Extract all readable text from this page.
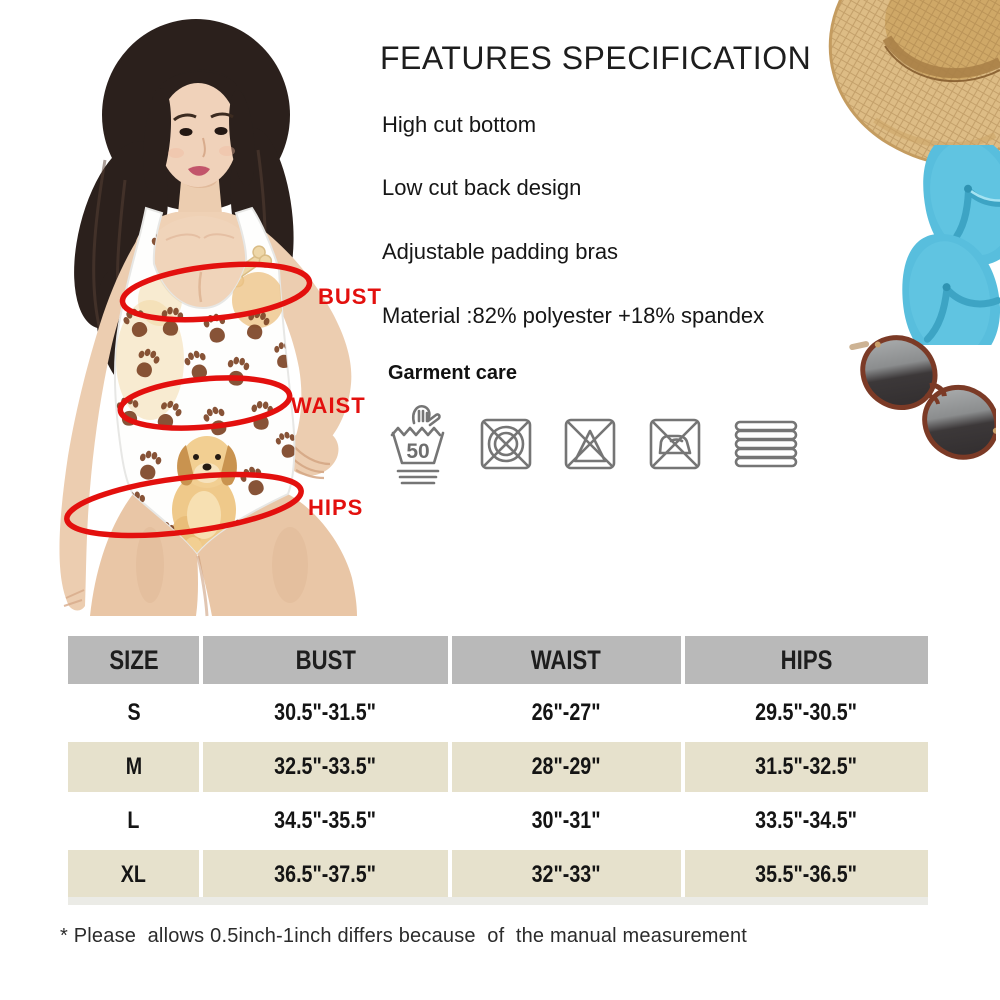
BUST
WAIST
HIPS
FEATURES SPECIFICATION
High cut bottom
Low cut back design
Adjustable padding bras
Material :82% polyester +18% spandex
Garment care
50
SIZE	BUST	WAIST	HIPS
S	30.5"-31.5"	26"-27"	29.5"-30.5"
M	32.5"-33.5"	28"-29"	31.5"-32.5"
L	34.5"-35.5"	30"-31"	33.5"-34.5"
XL	36.5"-37.5"	32"-33"	35.5"-36.5"
* Please  allows 0.5inch-1inch differs because  of  the manual measurement
